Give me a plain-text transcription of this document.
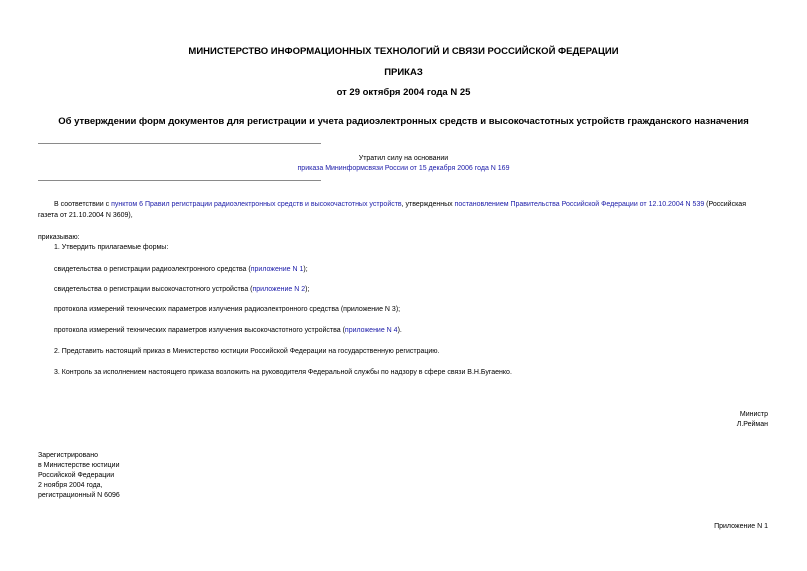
МИНИСТЕРСТВО ИНФОРМАЦИОННЫХ ТЕХНОЛОГИЙ И СВЯЗИ РОССИЙСКОЙ ФЕДЕРАЦИИ
ПРИКАЗ
от 29 октября 2004 года N 25
Об утверждении форм документов для регистрации и учета радиоэлектронных средств и высокочастотных устройств гражданского назначения
Утратил силу на основании
приказа Мининформсвязи России от 15 декабря 2006 года N 169
В соответствии с пунктом 6 Правил регистрации радиоэлектронных средств и высокочастотных устройств, утвержденных постановлением Правительства Российской Федерации от 12.10.2004 N 539 (Российская
газета от 21.10.2004 N 3609),
приказываю:
1. Утвердить прилагаемые формы:
свидетельства о регистрации радиоэлектронного средства (приложение N 1);
свидетельства о регистрации высокочастотного устройства (приложение N 2);
протокола измерений технических параметров излучения радиоэлектронного средства (приложение N 3);
протокола измерений технических параметров излучения высокочастотного устройства (приложение N 4).
2. Представить настоящий приказ в Министерство юстиции Российской Федерации на государственную регистрацию.
3. Контроль за исполнением настоящего приказа возложить на руководителя Федеральной службы по надзору в сфере связи В.Н.Бугаенко.
Министр
Л.Рейман
Зарегистрировано
в Министерстве юстиции
Российской Федерации
2 ноября 2004 года,
регистрационный N 6096
Приложение N 1
